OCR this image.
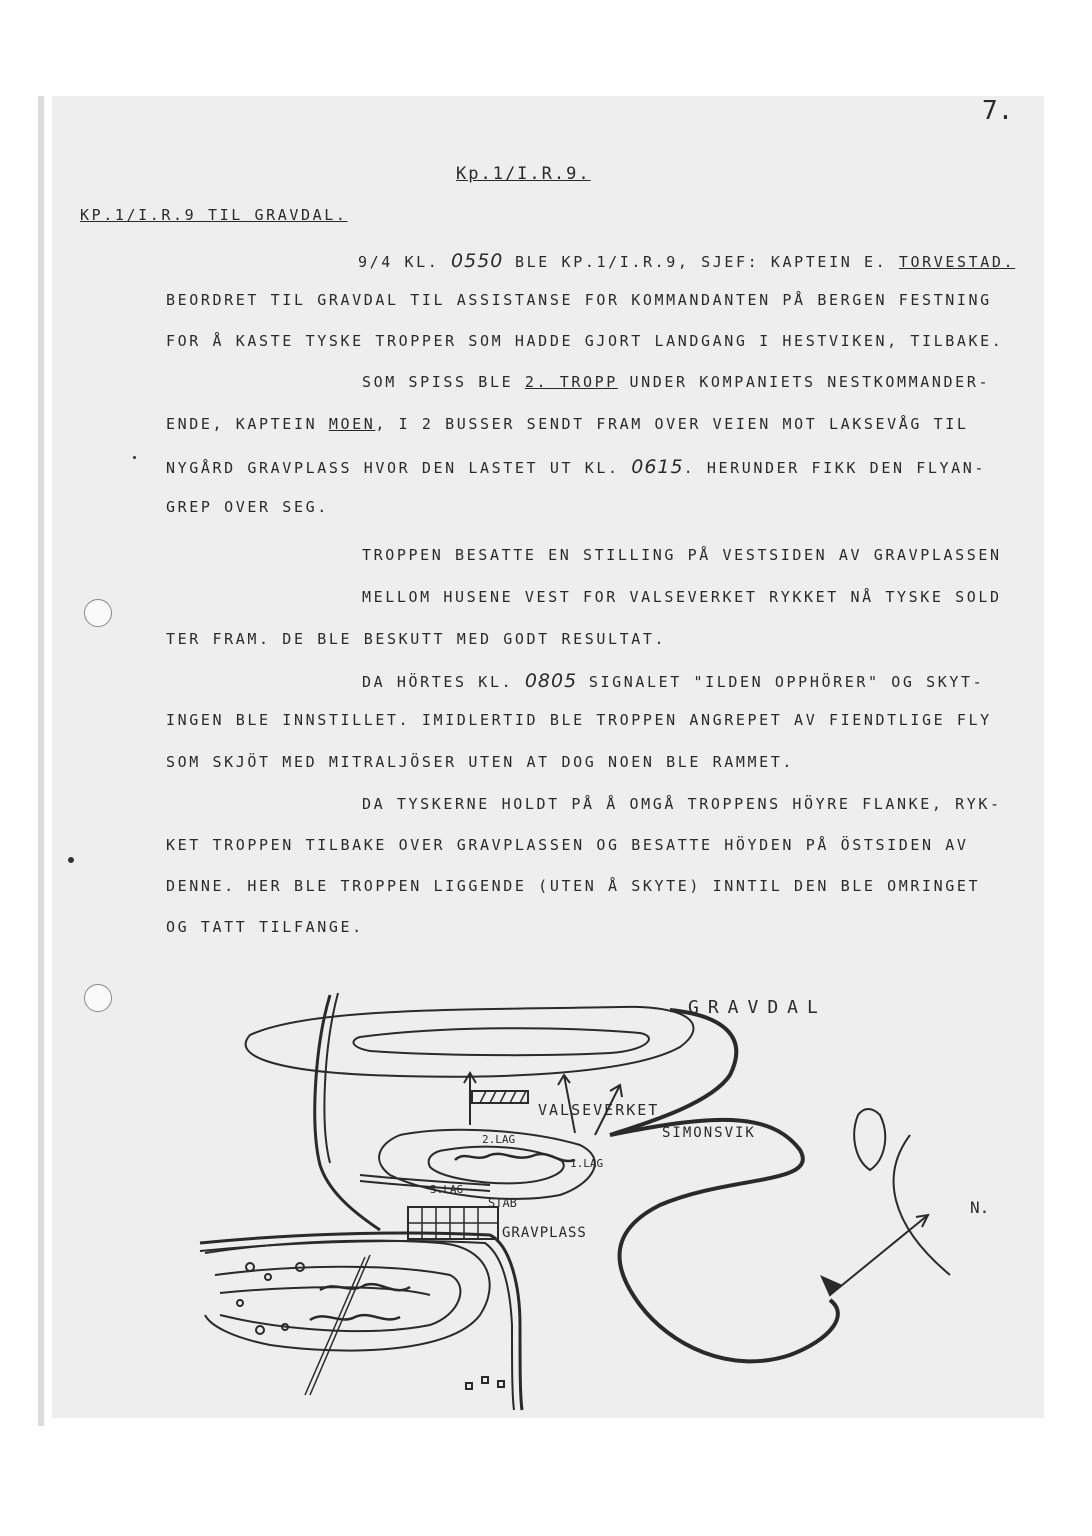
7.
Kp.1/I.R.9.
KP.1/I.R.9 TIL GRAVDAL.
9/4 KL. 0550 BLE KP.1/I.R.9, SJEF: KAPTEIN E. TORVESTAD.
BEORDRET TIL GRAVDAL TIL ASSISTANSE FOR KOMMANDANTEN PÅ BERGEN FESTNING
FOR Å KASTE TYSKE TROPPER SOM HADDE GJORT LANDGANG I HESTVIKEN, TILBAKE.
SOM SPISS BLE 2. TROPP UNDER KOMPANIETS NESTKOMMANDER-
ENDE, KAPTEIN MOEN, I 2 BUSSER SENDT FRAM OVER VEIEN MOT LAKSEVÅG TIL
NYGÅRD GRAVPLASS HVOR DEN LASTET UT KL. 0615. HERUNDER FIKK DEN FLYAN-
GREP OVER SEG.
TROPPEN BESATTE EN STILLING PÅ VESTSIDEN AV GRAVPLASSEN
MELLOM HUSENE VEST FOR VALSEVERKET RYKKET NÅ TYSKE SOLD
TER FRAM. DE BLE BESKUTT MED GODT RESULTAT.
DA HÖRTES KL. 0805 SIGNALET "ILDEN OPPHÖRER" OG SKYT-
INGEN BLE INNSTILLET. IMIDLERTID BLE TROPPEN ANGREPET AV FIENDTLIGE FLY
SOM SKJÖT MED MITRALJÖSER UTEN AT DOG NOEN BLE RAMMET.
DA TYSKERNE HOLDT PÅ Å OMGÅ TROPPENS HÖYRE FLANKE, RYK-
KET TROPPEN TILBAKE OVER GRAVPLASSEN OG BESATTE HÖYDEN PÅ ÖSTSIDEN AV
DENNE. HER BLE TROPPEN LIGGENDE (UTEN Å SKYTE) INNTIL DEN BLE OMRINGET
OG TATT TILFANGE.
GRAVDAL
VALSEVERKET
SIMONSVIK
2.LAG
1.LAG
3.LAG
STAB
GRAVPLASS
N.
